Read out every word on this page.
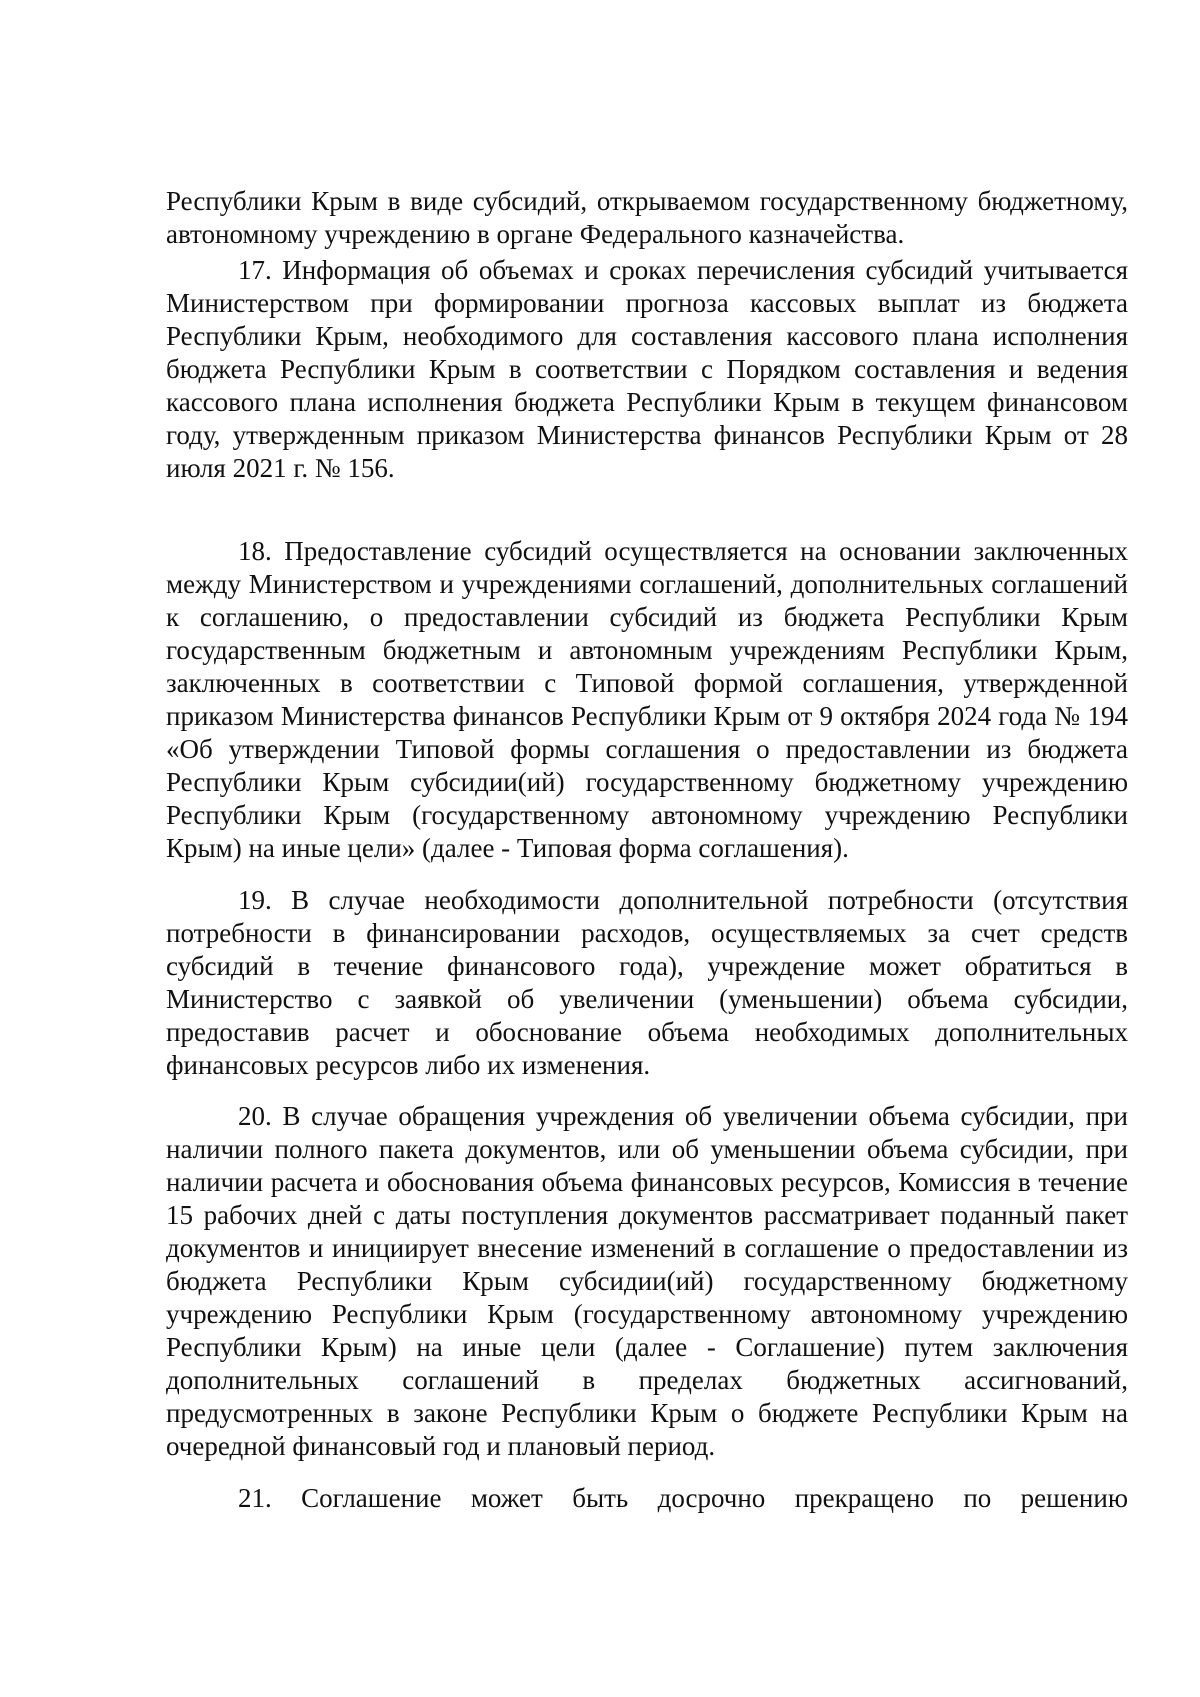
Республики Крым в виде субсидий, открываемом государственному бюджетному, автономному учреждению в органе Федерального казначейства.

17. Информация об объемах и сроках перечисления субсидий учитывается Министерством при формировании прогноза кассовых выплат из бюджета Республики Крым, необходимого для составления кассового плана исполнения бюджета Республики Крым в соответствии с Порядком составления и ведения кассового плана исполнения бюджета Республики Крым в текущем финансовом году, утвержденным приказом Министерства финансов Республики Крым от 28 июля 2021 г. № 156.

18. Предоставление субсидий осуществляется на основании заключенных между Министерством и учреждениями соглашений, дополнительных соглашений к соглашению, о предоставлении субсидий из бюджета Республики Крым государственным бюджетным и автономным учреждениям Республики Крым, заключенных в соответствии с Типовой формой соглашения, утвержденной приказом Министерства финансов Республики Крым от 9 октября 2024 года № 194 «Об утверждении Типовой формы соглашения о предоставлении из бюджета Республики Крым субсидии(ий) государственному бюджетному учреждению Республики Крым (государственному автономному учреждению Республики Крым) на иные цели» (далее - Типовая форма соглашения).

19. В случае необходимости дополнительной потребности (отсутствия потребности в финансировании расходов, осуществляемых за счет средств субсидий в течение финансового года), учреждение может обратиться в Министерство с заявкой об увеличении (уменьшении) объема субсидии, предоставив расчет и обоснование объема необходимых дополнительных финансовых ресурсов либо их изменения.

20. В случае обращения учреждения об увеличении объема субсидии, при наличии полного пакета документов, или об уменьшении объема субсидии, при наличии расчета и обоснования объема финансовых ресурсов, Комиссия в течение 15 рабочих дней с даты поступления документов рассматривает поданный пакет документов и инициирует внесение изменений в соглашение о предоставлении из бюджета Республики Крым субсидии(ий) государственному бюджетному учреждению Республики Крым (государственному автономному учреждению Республики Крым) на иные цели (далее - Соглашение) путем заключения дополнительных соглашений в пределах бюджетных ассигнований, предусмотренных в законе Республики Крым о бюджете Республики Крым на очередной финансовый год и плановый период.

21. Соглашение может быть досрочно прекращено по решению
